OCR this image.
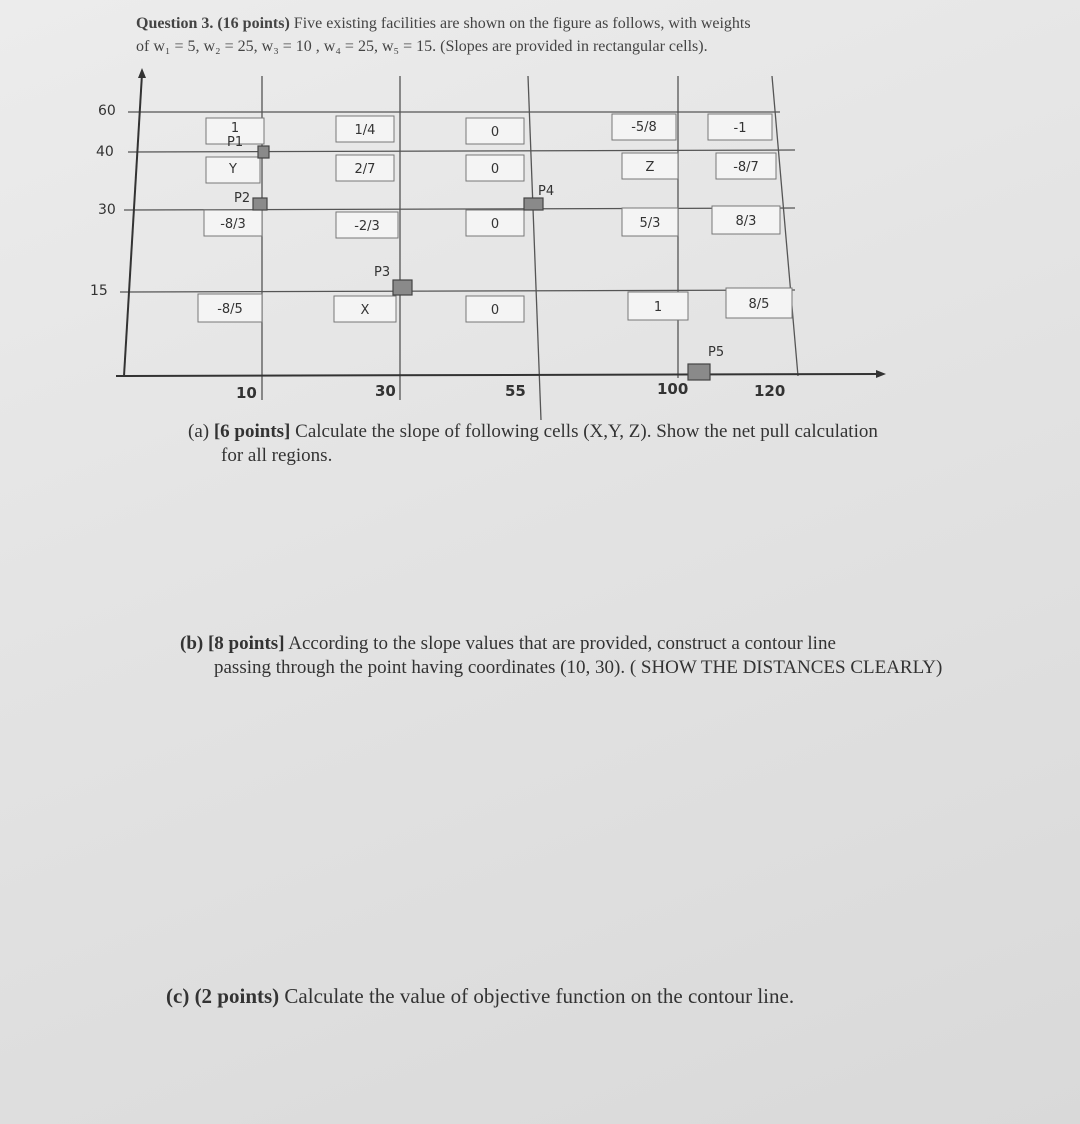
Question 3. (16 points) Five existing facilities are shown on the figure as follows, with weights
of w₁ = 5, w₂ = 25, w₃ = 10 , w₄ = 25, w₅ = 15. (Slopes are provided in rectangular cells).
60
40
30
15
10	30	55	100	120
1	1/4	0	-5/8	-1
Y	2/7	0	Z	-8/7
-8/3	-2/3	0	5/3	8/3
-8/5	X	0	1	8/5
P1
P2
P3
P4
P5
(a) [6 points] Calculate the slope of following cells (X,Y, Z). Show the net pull calculation
for all regions.
(b) [8 points] According to the slope values that are provided, construct a contour line
passing through the point having coordinates (10, 30). ( SHOW THE DISTANCES CLEARLY)
(c) (2 points) Calculate the value of objective function on the contour line.
